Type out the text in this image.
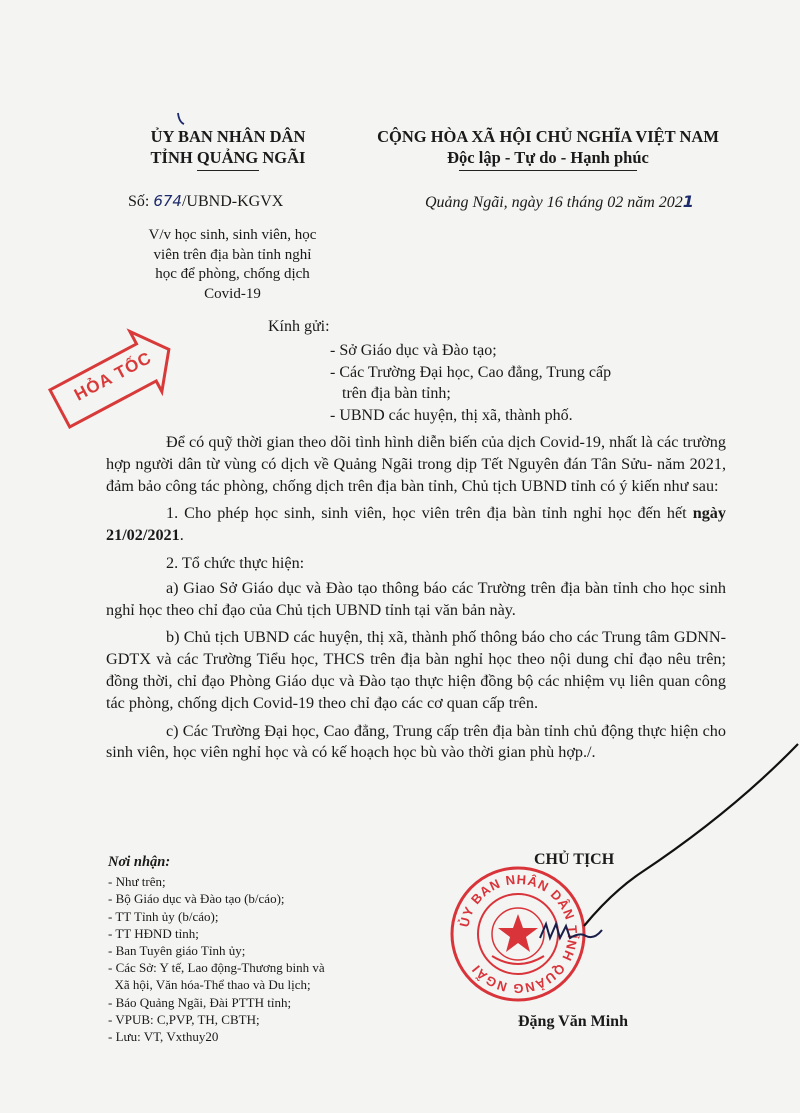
ỦY BAN NHÂN DÂN
TỈNH QUẢNG NGÃI
CỘNG HÒA XÃ HỘI CHỦ NGHĨA VIỆT NAM
Độc lập - Tự do - Hạnh phúc
Số: 674/UBND-KGVX	Quảng Ngãi, ngày 16 tháng 02 năm 2021
V/v học sinh, sinh viên, học
viên trên địa bàn tỉnh nghỉ
học để phòng, chống dịch
Covid-19
HỎA TỐC
Kính gửi:
- Sở Giáo dục và Đào tạo;
- Các Trường Đại học, Cao đẳng, Trung cấp
trên địa bàn tỉnh;
- UBND các huyện, thị xã, thành phố.

Để có quỹ thời gian theo dõi tình hình diễn biến của dịch Covid-19, nhất là các trường hợp người dân từ vùng có dịch về Quảng Ngãi trong dịp Tết Nguyên đán Tân Sửu- năm 2021, đảm bảo công tác phòng, chống dịch trên địa bàn tỉnh, Chủ tịch UBND tỉnh có ý kiến như sau:

1. Cho phép học sinh, sinh viên, học viên trên địa bàn tỉnh nghỉ học đến hết ngày 21/02/2021.

2. Tổ chức thực hiện:

a) Giao Sở Giáo dục và Đào tạo thông báo các Trường trên địa bàn tỉnh cho học sinh nghỉ học theo chỉ đạo của Chủ tịch UBND tỉnh tại văn bản này.

b) Chủ tịch UBND các huyện, thị xã, thành phố thông báo cho các Trung tâm GDNN-GDTX và các Trường Tiểu học, THCS trên địa bàn nghỉ học theo nội dung chỉ đạo nêu trên; đồng thời, chỉ đạo Phòng Giáo dục và Đào tạo thực hiện đồng bộ các nhiệm vụ liên quan công tác phòng, chống dịch Covid-19 theo chỉ đạo các cơ quan cấp trên.

c) Các Trường Đại học, Cao đẳng, Trung cấp trên địa bàn tỉnh chủ động thực hiện cho sinh viên, học viên nghỉ học và có kế hoạch học bù vào thời gian phù hợp./.

Nơi nhận:
- Như trên;
- Bộ Giáo dục và Đào tạo (b/cáo);
- TT Tỉnh ủy (b/cáo);
- TT HĐND tỉnh;
- Ban Tuyên giáo Tỉnh ủy;
- Các Sở: Y tế, Lao động-Thương binh và
Xã hội, Văn hóa-Thể thao và Du lịch;
- Báo Quảng Ngãi, Đài PTTH tỉnh;
- VPUB: C,PVP, TH, CBTH;
- Lưu: VT, Vxthuy20
CHỦ TỊCH
ỦY BAN NHÂN DÂN TỈNH QUẢNG NGÃI
Đặng Văn Minh
